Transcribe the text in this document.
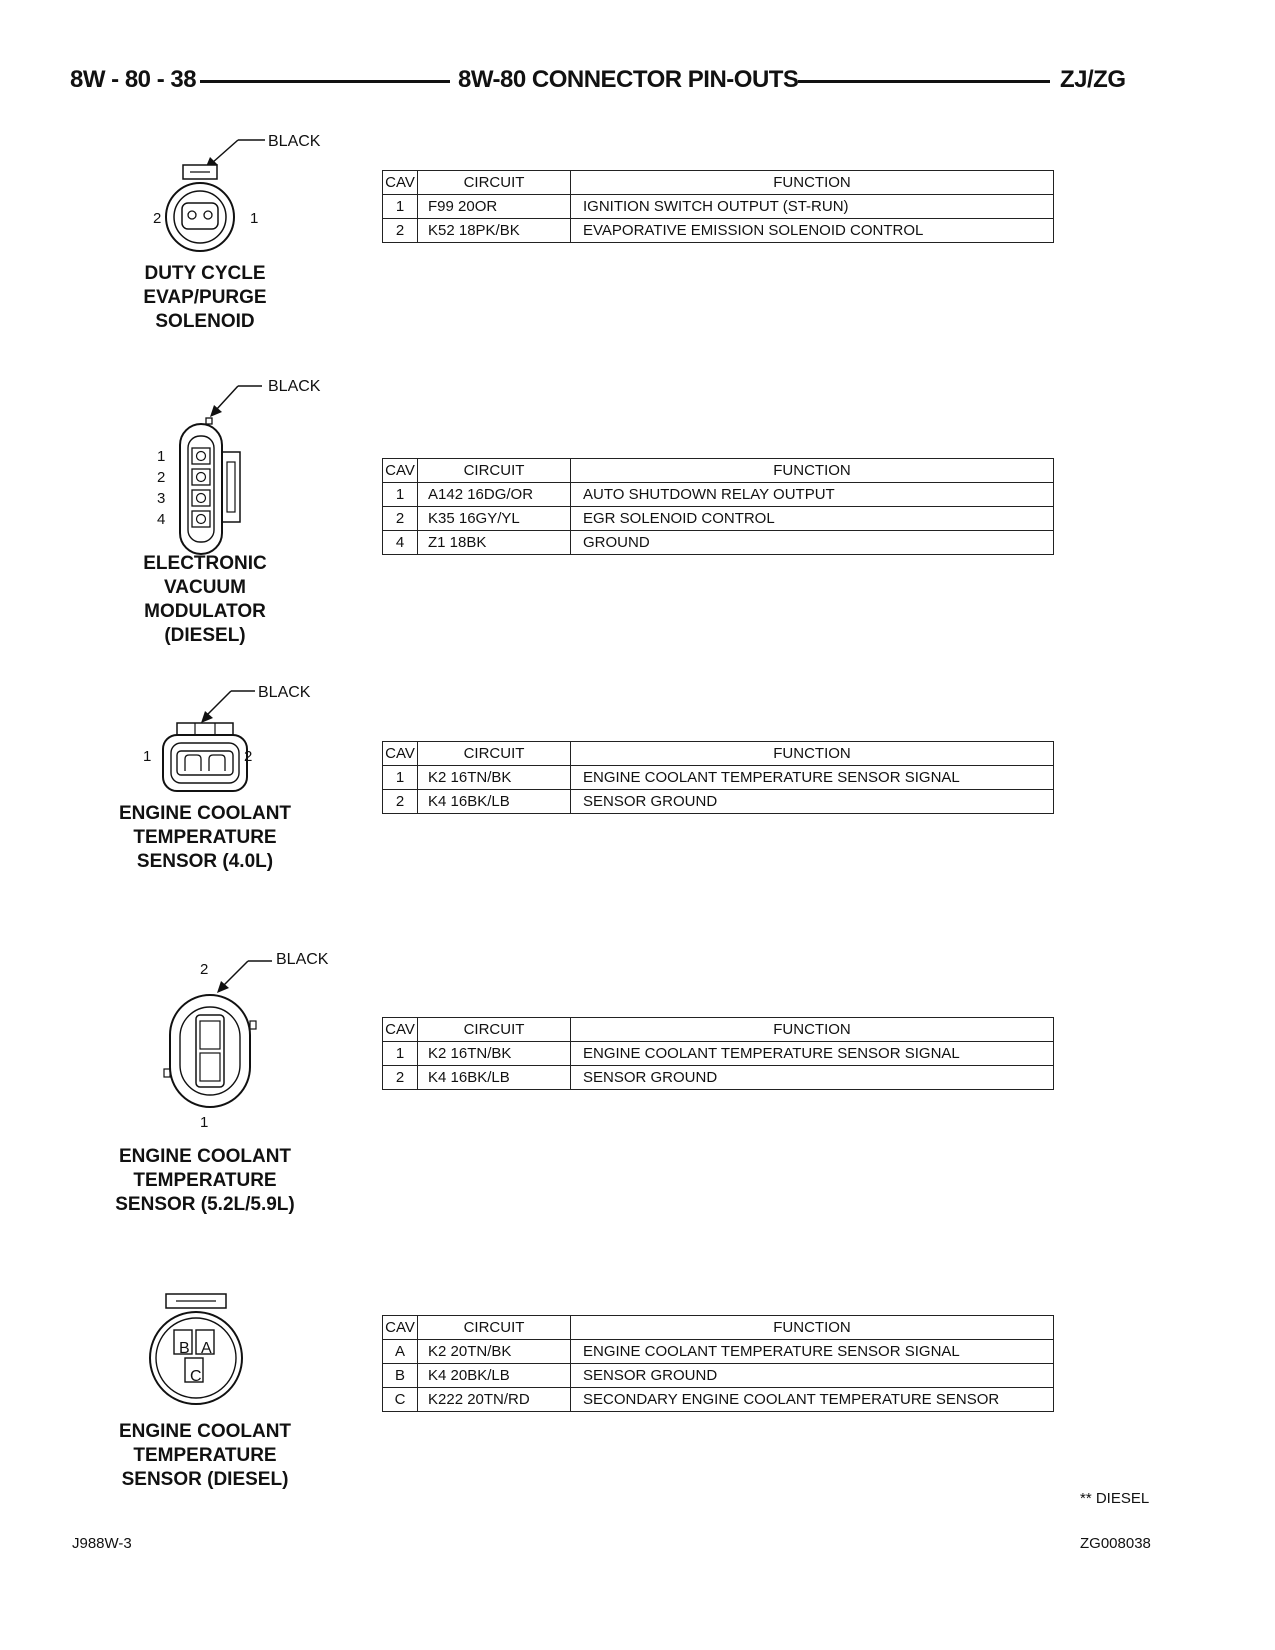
8W - 80 - 38	8W-80 CONNECTOR PIN-OUTS	ZJ/ZG
BLACK
2	1
DUTY CYCLE
EVAP/PURGE
SOLENOID
CAV	CIRCUIT	FUNCTION
1	F99 20OR	IGNITION SWITCH OUTPUT (ST-RUN)
2	K52 18PK/BK	EVAPORATIVE EMISSION SOLENOID CONTROL
BLACK
1
2
3
4
ELECTRONIC
VACUUM
MODULATOR
(DIESEL)
CAV	CIRCUIT	FUNCTION
1	A142 16DG/OR	AUTO SHUTDOWN RELAY OUTPUT
2	K35 16GY/YL	EGR SOLENOID CONTROL
4	Z1 18BK	GROUND
BLACK
1	2
ENGINE COOLANT
TEMPERATURE
SENSOR (4.0L)
CAV	CIRCUIT	FUNCTION
1	K2 16TN/BK	ENGINE COOLANT TEMPERATURE SENSOR SIGNAL
2	K4 16BK/LB	SENSOR GROUND
BLACK
2
1
ENGINE COOLANT
TEMPERATURE
SENSOR (5.2L/5.9L)
CAV	CIRCUIT	FUNCTION
1	K2 16TN/BK	ENGINE COOLANT TEMPERATURE SENSOR SIGNAL
2	K4 16BK/LB	SENSOR GROUND
B A
C
ENGINE COOLANT
TEMPERATURE
SENSOR (DIESEL)
CAV	CIRCUIT	FUNCTION
A	K2 20TN/BK	ENGINE COOLANT TEMPERATURE SENSOR SIGNAL
B	K4 20BK/LB	SENSOR GROUND
C	K222 20TN/RD	SECONDARY ENGINE COOLANT TEMPERATURE SENSOR
** DIESEL
J988W-3	ZG008038
